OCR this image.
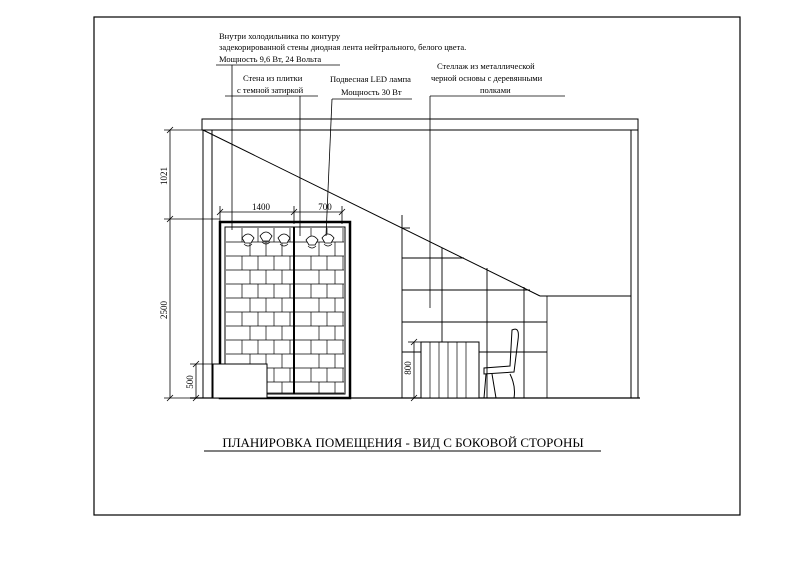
1021
2500
500
1400	700
800
Внутри холодильника по контуру
задекорированной стены диодная лента нейтрального, белого цвета.
Мощность 9,6 Вт, 24 Вольта
Стена из плитки
с темной затиркой
Подвесная LED лампа
Мощность 30 Вт
Стеллаж из металлической
черной основы с деревянными
полками
ПЛАНИРОВКА ПОМЕЩЕНИЯ - ВИД С БОКОВОЙ СТОРОНЫ
